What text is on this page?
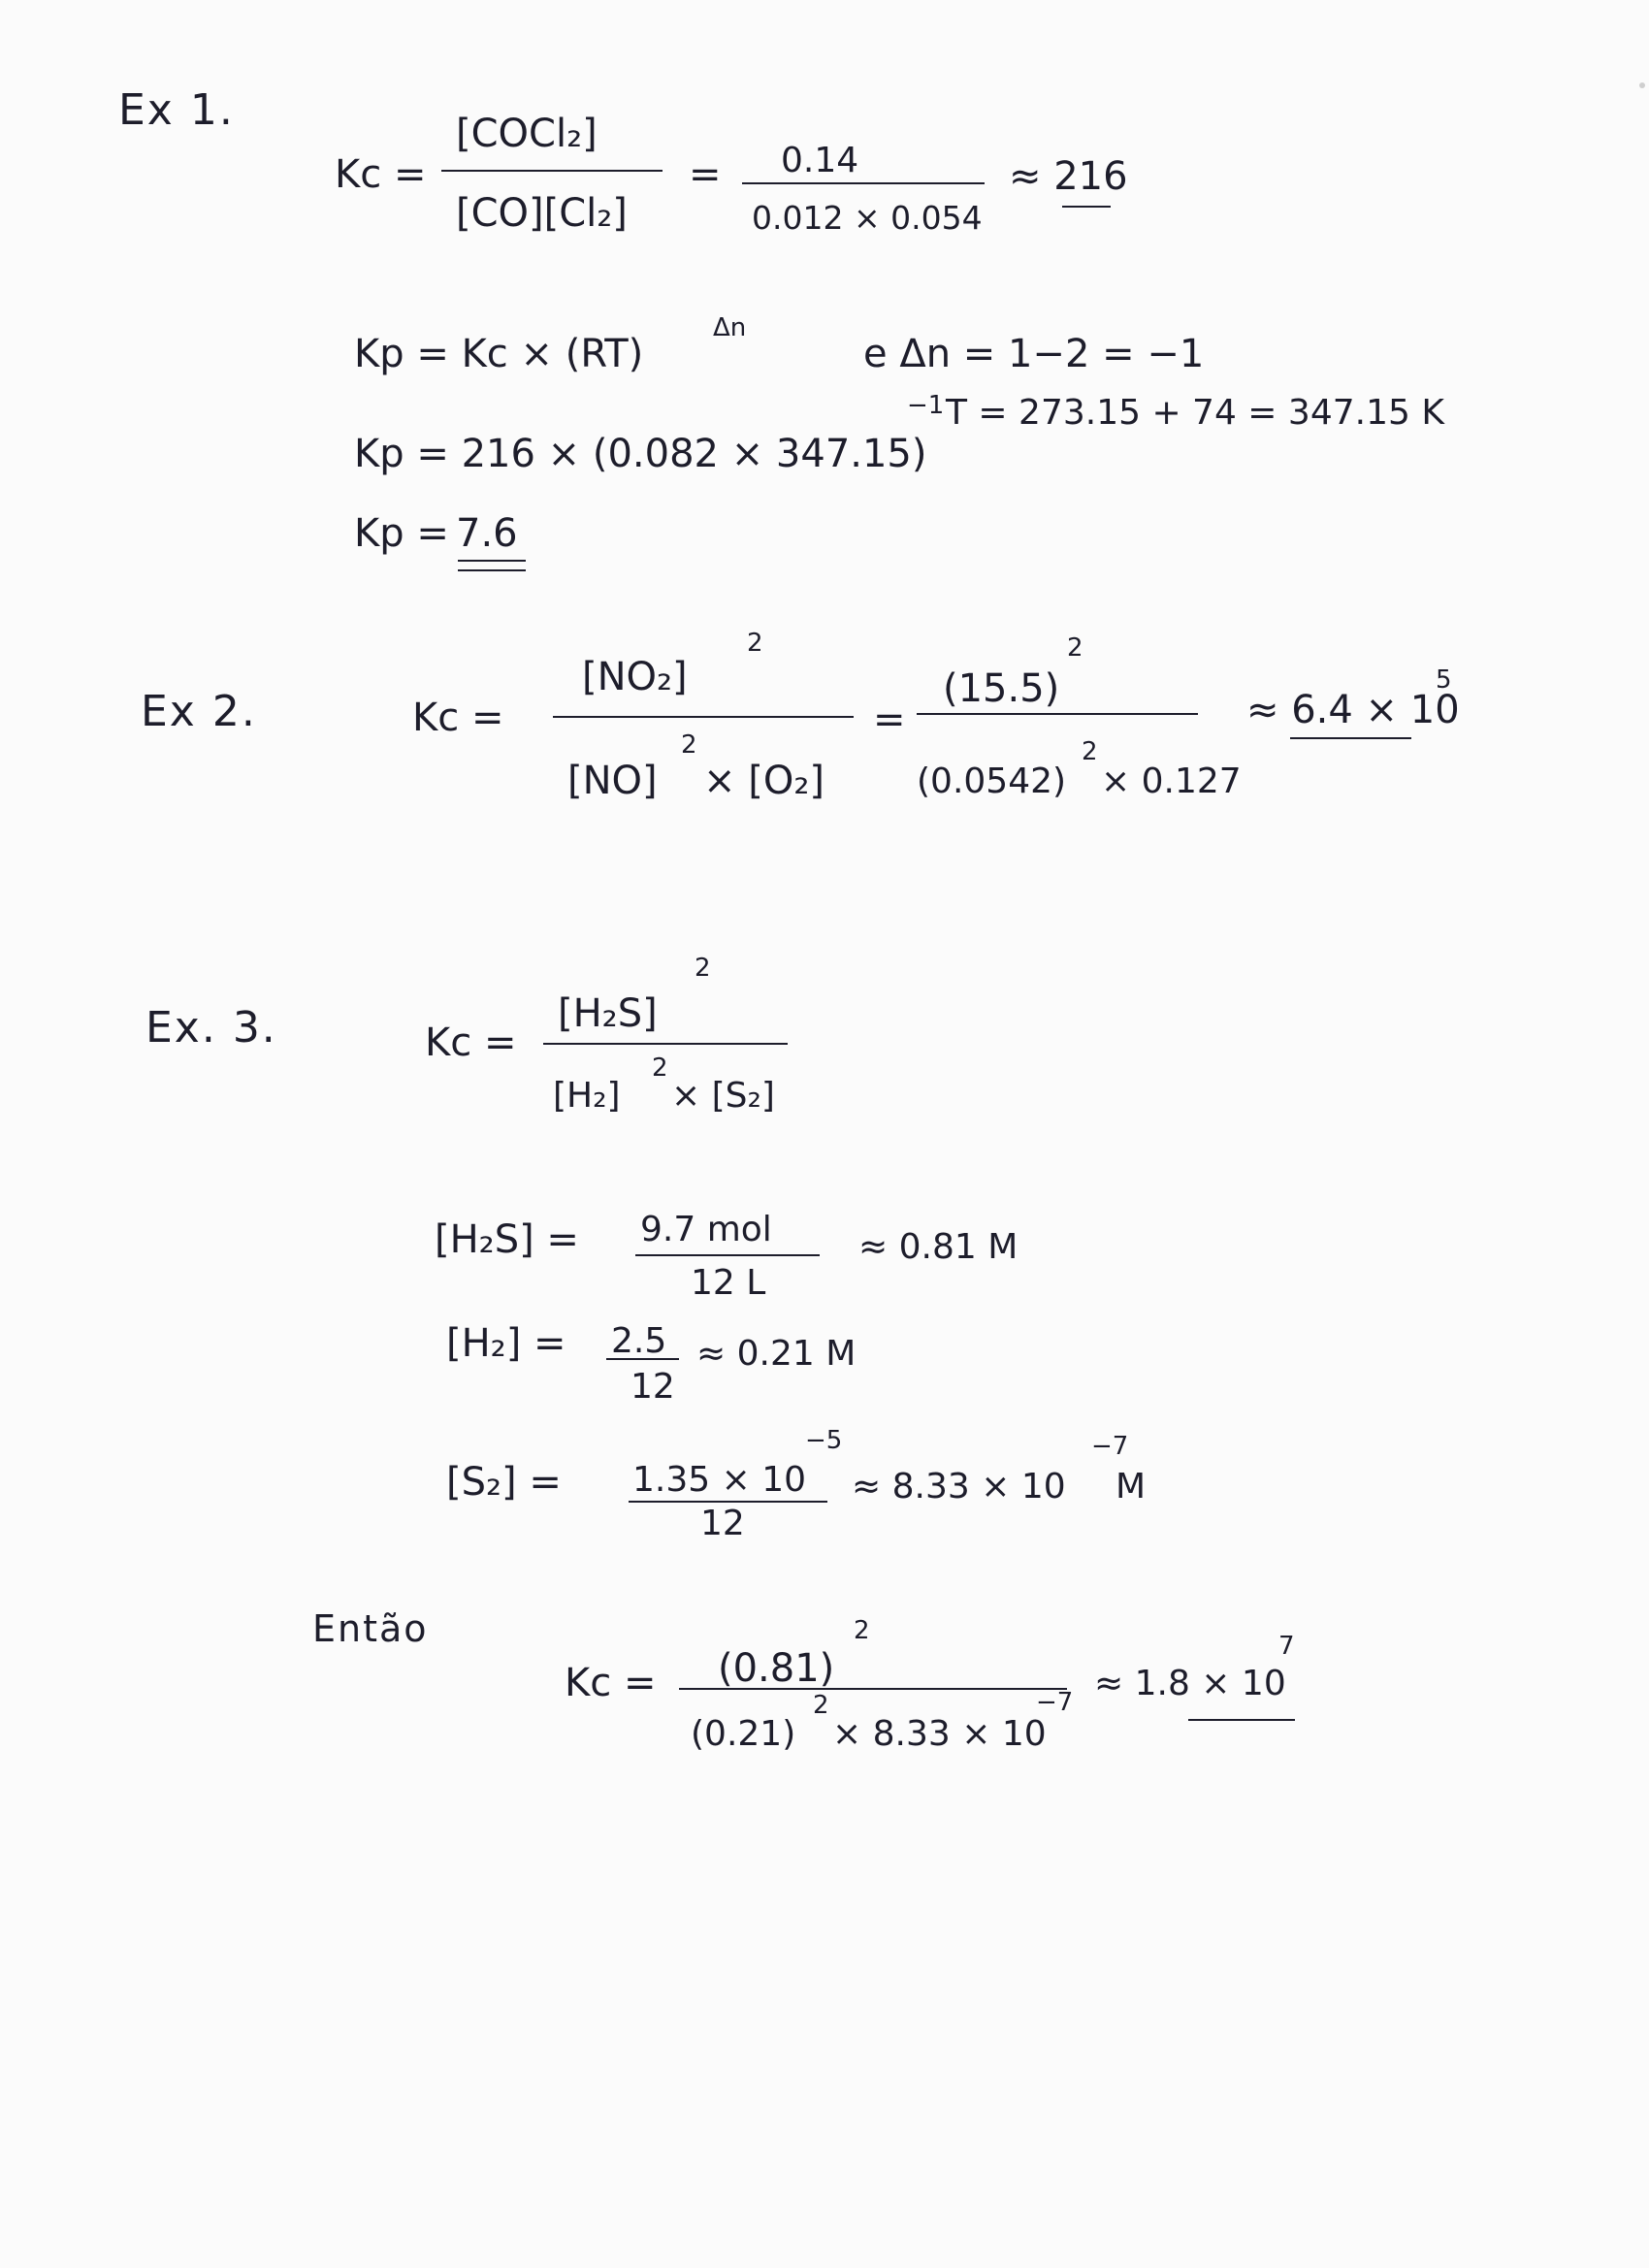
Ex 1.
Kc =
[COCl₂]
[CO][Cl₂]
= 0.14
0.012 × 0.054
≈ 216
Kp = Kc × (RT)
Δn
e Δn = 1−2 = −1
T = 273.15 + 74 = 347.15 K
Kp = 216 × (0.082 × 347.15)
−1
Kp = 7.6
Ex 2.	Kc =
[NO₂]
2
[NO]
2
× [O₂]
=
(15.5)
2
(0.0542)
2
× 0.127
≈ 6.4 × 10
5
Ex. 3.	Kc =
[H₂S]
2
[H₂]
2
× [S₂]
[H₂S] = 9.7 mol
12 L
≈ 0.81 M
[H₂] = 2.5
12
≈ 0.21 M
[S₂] = 1.35 × 10
−5
12
≈ 8.33 × 10
−7
M
Então
Kc = (0.81)
2
(0.21)
2
× 8.33 × 10
−7 ≈ 1.8 × 10
7
